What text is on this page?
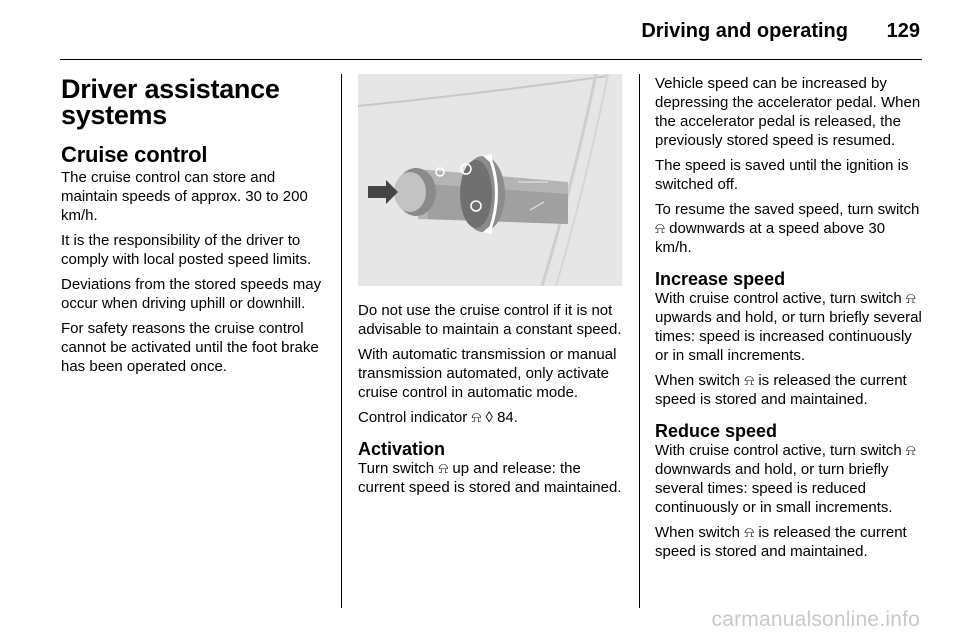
Driving and operating 129
Driver assistance systems
Cruise control

The cruise control can store and maintain speeds of approx. 30 to 200 km/h.

It is the responsibility of the driver to comply with local posted speed limits.

Deviations from the stored speeds may occur when driving uphill or downhill.

For safety reasons the cruise control cannot be activated until the foot brake has been operated once.

Do not use the cruise control if it is not advisable to maintain a constant speed.

With automatic transmission or manual transmission automated, only activate cruise control in automatic mode.

Control indicator ⍾ ◊ 84.

Activation

Turn switch ⍾ up and release: the current speed is stored and maintained.

Vehicle speed can be increased by depressing the accelerator pedal. When the accelerator pedal is released, the previously stored speed is resumed.

The speed is saved until the ignition is switched off.

To resume the saved speed, turn switch ⍾ downwards at a speed above 30 km/h.

Increase speed

With cruise control active, turn switch ⍾ upwards and hold, or turn briefly several times: speed is increased continuously or in small increments.

When switch ⍾ is released the current speed is stored and maintained.

Reduce speed

With cruise control active, turn switch ⍾ downwards and hold, or turn briefly several times: speed is reduced continuously or in small increments.

When switch ⍾ is released the current speed is stored and maintained.

carmanualsonline.info
